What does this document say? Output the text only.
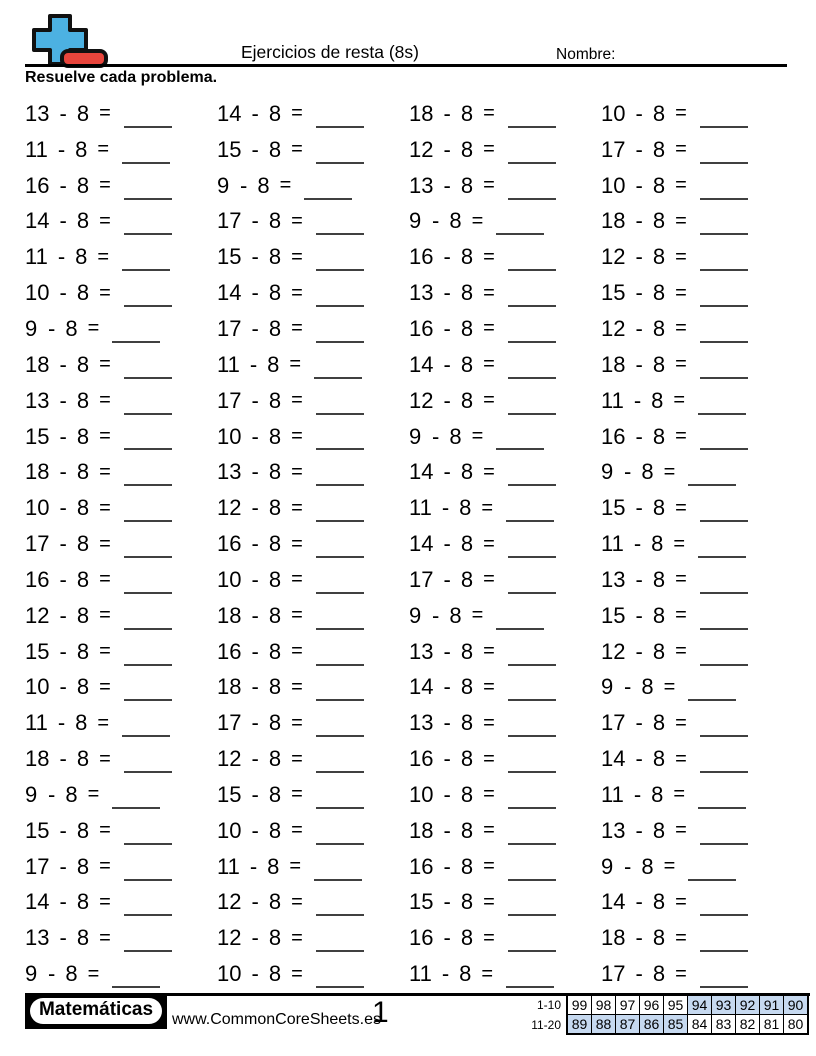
Ejercicios de resta (8s)	Nombre:
Resuelve cada problema.
13 - 8 =
11 - 8 =
16 - 8 =
14 - 8 =
11 - 8 =
10 - 8 =
9 - 8 =
18 - 8 =
13 - 8 =
15 - 8 =
18 - 8 =
10 - 8 =
17 - 8 =
16 - 8 =
12 - 8 =
15 - 8 =
10 - 8 =
11 - 8 =
18 - 8 =
9 - 8 =
15 - 8 =
17 - 8 =
14 - 8 =
13 - 8 =
9 - 8 =
14 - 8 =
15 - 8 =
9 - 8 =
17 - 8 =
15 - 8 =
14 - 8 =
17 - 8 =
11 - 8 =
17 - 8 =
10 - 8 =
13 - 8 =
12 - 8 =
16 - 8 =
10 - 8 =
18 - 8 =
16 - 8 =
18 - 8 =
17 - 8 =
12 - 8 =
15 - 8 =
10 - 8 =
11 - 8 =
12 - 8 =
12 - 8 =
10 - 8 =
18 - 8 =
12 - 8 =
13 - 8 =
9 - 8 =
16 - 8 =
13 - 8 =
16 - 8 =
14 - 8 =
12 - 8 =
9 - 8 =
14 - 8 =
11 - 8 =
14 - 8 =
17 - 8 =
9 - 8 =
13 - 8 =
14 - 8 =
13 - 8 =
16 - 8 =
10 - 8 =
18 - 8 =
16 - 8 =
15 - 8 =
16 - 8 =
11 - 8 =
10 - 8 =
17 - 8 =
10 - 8 =
18 - 8 =
12 - 8 =
15 - 8 =
12 - 8 =
18 - 8 =
11 - 8 =
16 - 8 =
9 - 8 =
15 - 8 =
11 - 8 =
13 - 8 =
15 - 8 =
12 - 8 =
9 - 8 =
17 - 8 =
14 - 8 =
11 - 8 =
13 - 8 =
9 - 8 =
14 - 8 =
18 - 8 =
17 - 8 =
Matemáticas	www.CommonCoreSheets.es
1	1-10
11-20
99	98	97	96	95	94	93	92	91	90
89	88	87	86	85	84	83	82	81	80
